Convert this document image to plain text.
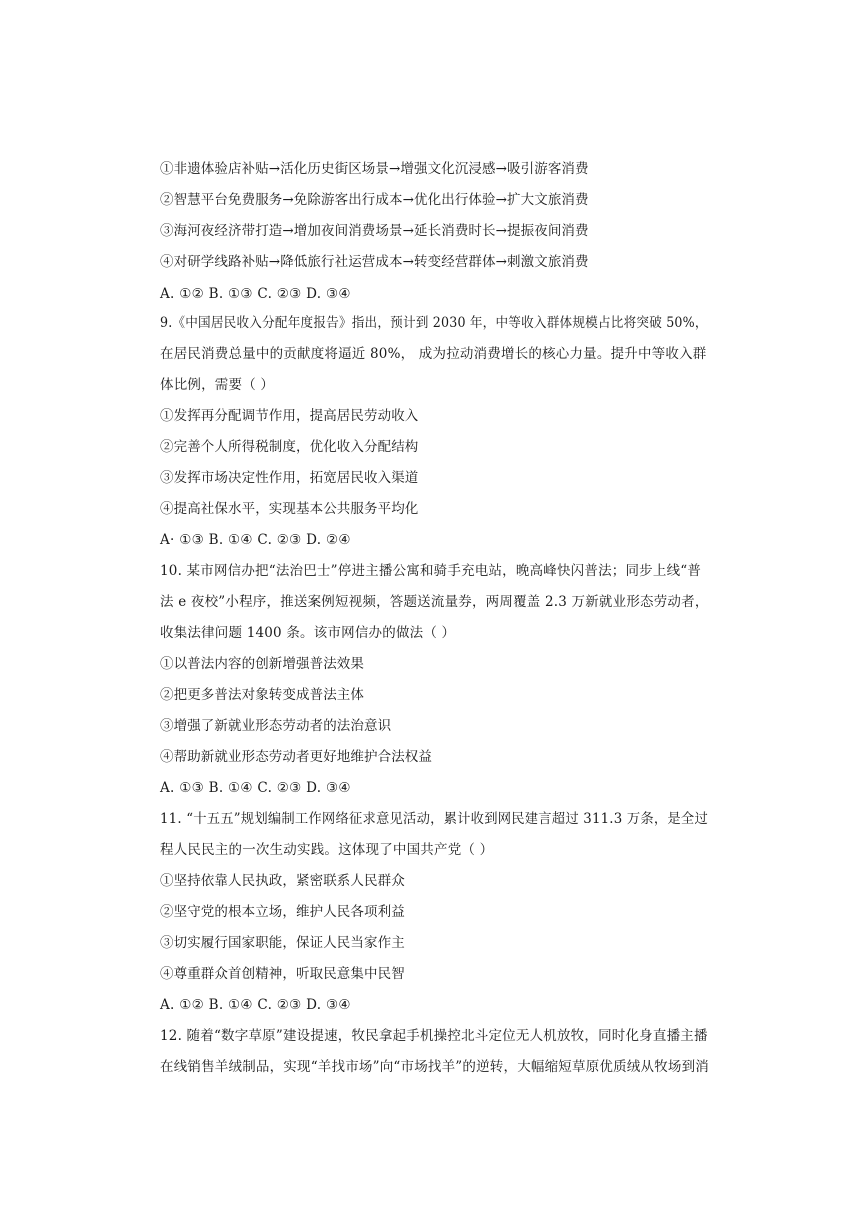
①非遗体验店补贴→活化历史街区场景→增强文化沉浸感→吸引游客消费
②智慧平台免费服务→免除游客出行成本→优化出行体验→扩大文旅消费
③海河夜经济带打造→增加夜间消费场景→延长消费时长→提振夜间消费
④对研学线路补贴→降低旅行社运营成本→转变经营群体→刺激文旅消费
A. ①② B. ①③ C. ②③ D. ③④
9.《中国居民收入分配年度报告》指出，预计到 2030 年，中等收入群体规模占比将突破 50%，
在居民消费总量中的贡献度将逼近 80%， 成为拉动消费增长的核心力量。提升中等收入群
体比例，需要（ ）
①发挥再分配调节作用，提高居民劳动收入
②完善个人所得税制度，优化收入分配结构
③发挥市场决定性作用，拓宽居民收入渠道
④提高社保水平，实现基本公共服务平均化
A· ①③ B. ①④ C. ②③ D. ②④
10. 某市网信办把“法治巴士”停进主播公寓和骑手充电站，晚高峰快闪普法；同步上线“普
法 e 夜校”小程序，推送案例短视频，答题送流量券，两周覆盖 2.3 万新就业形态劳动者，
收集法律问题 1400 条。该市网信办的做法（ ）
①以普法内容的创新增强普法效果
②把更多普法对象转变成普法主体
③增强了新就业形态劳动者的法治意识
④帮助新就业形态劳动者更好地维护合法权益
A. ①③ B. ①④ C. ②③ D. ③④
11. “十五五”规划编制工作网络征求意见活动，累计收到网民建言超过 311.3 万条，是全过
程人民民主的一次生动实践。这体现了中国共产党（ ）
①坚持依靠人民执政，紧密联系人民群众
②坚守党的根本立场，维护人民各项利益
③切实履行国家职能，保证人民当家作主
④尊重群众首创精神，听取民意集中民智
A. ①② B. ①④ C. ②③ D. ③④
12. 随着“数字草原”建设提速，牧民拿起手机操控北斗定位无人机放牧，同时化身直播主播
在线销售羊绒制品，实现“羊找市场”向“市场找羊”的逆转，大幅缩短草原优质绒从牧场到消
